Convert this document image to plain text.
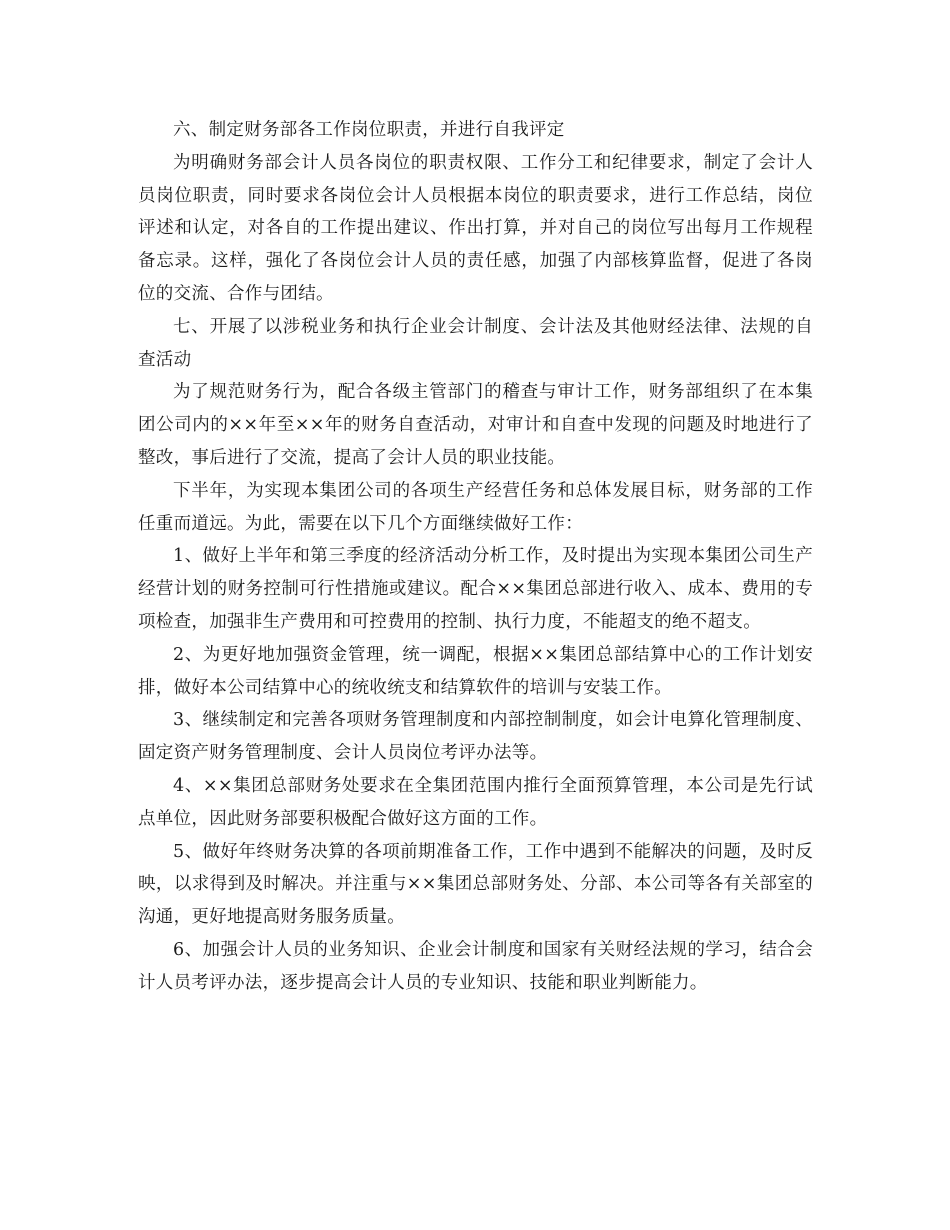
六、制定财务部各工作岗位职责，并进行自我评定

为明确财务部会计人员各岗位的职责权限、工作分工和纪律要求，制定了会计人员岗位职责，同时要求各岗位会计人员根据本岗位的职责要求，进行工作总结，岗位评述和认定，对各自的工作提出建议、作出打算，并对自己的岗位写出每月工作规程备忘录。这样，强化了各岗位会计人员的责任感，加强了内部核算监督，促进了各岗位的交流、合作与团结。

七、开展了以涉税业务和执行企业会计制度、会计法及其他财经法律、法规的自查活动

为了规范财务行为，配合各级主管部门的稽查与审计工作，财务部组织了在本集团公司内的××年至××年的财务自查活动，对审计和自查中发现的问题及时地进行了整改，事后进行了交流，提高了会计人员的职业技能。

下半年，为实现本集团公司的各项生产经营任务和总体发展目标，财务部的工作任重而道远。为此，需要在以下几个方面继续做好工作：

1、做好上半年和第三季度的经济活动分析工作，及时提出为实现本集团公司生产经营计划的财务控制可行性措施或建议。配合××集团总部进行收入、成本、费用的专项检查，加强非生产费用和可控费用的控制、执行力度，不能超支的绝不超支。

2、为更好地加强资金管理，统一调配，根据××集团总部结算中心的工作计划安排，做好本公司结算中心的统收统支和结算软件的培训与安装工作。

3、继续制定和完善各项财务管理制度和内部控制制度，如会计电算化管理制度、固定资产财务管理制度、会计人员岗位考评办法等。

4、××集团总部财务处要求在全集团范围内推行全面预算管理，本公司是先行试点单位，因此财务部要积极配合做好这方面的工作。

5、做好年终财务决算的各项前期准备工作，工作中遇到不能解决的问题，及时反映，以求得到及时解决。并注重与××集团总部财务处、分部、本公司等各有关部室的沟通，更好地提高财务服务质量。

6、加强会计人员的业务知识、企业会计制度和国家有关财经法规的学习，结合会计人员考评办法，逐步提高会计人员的专业知识、技能和职业判断能力。
